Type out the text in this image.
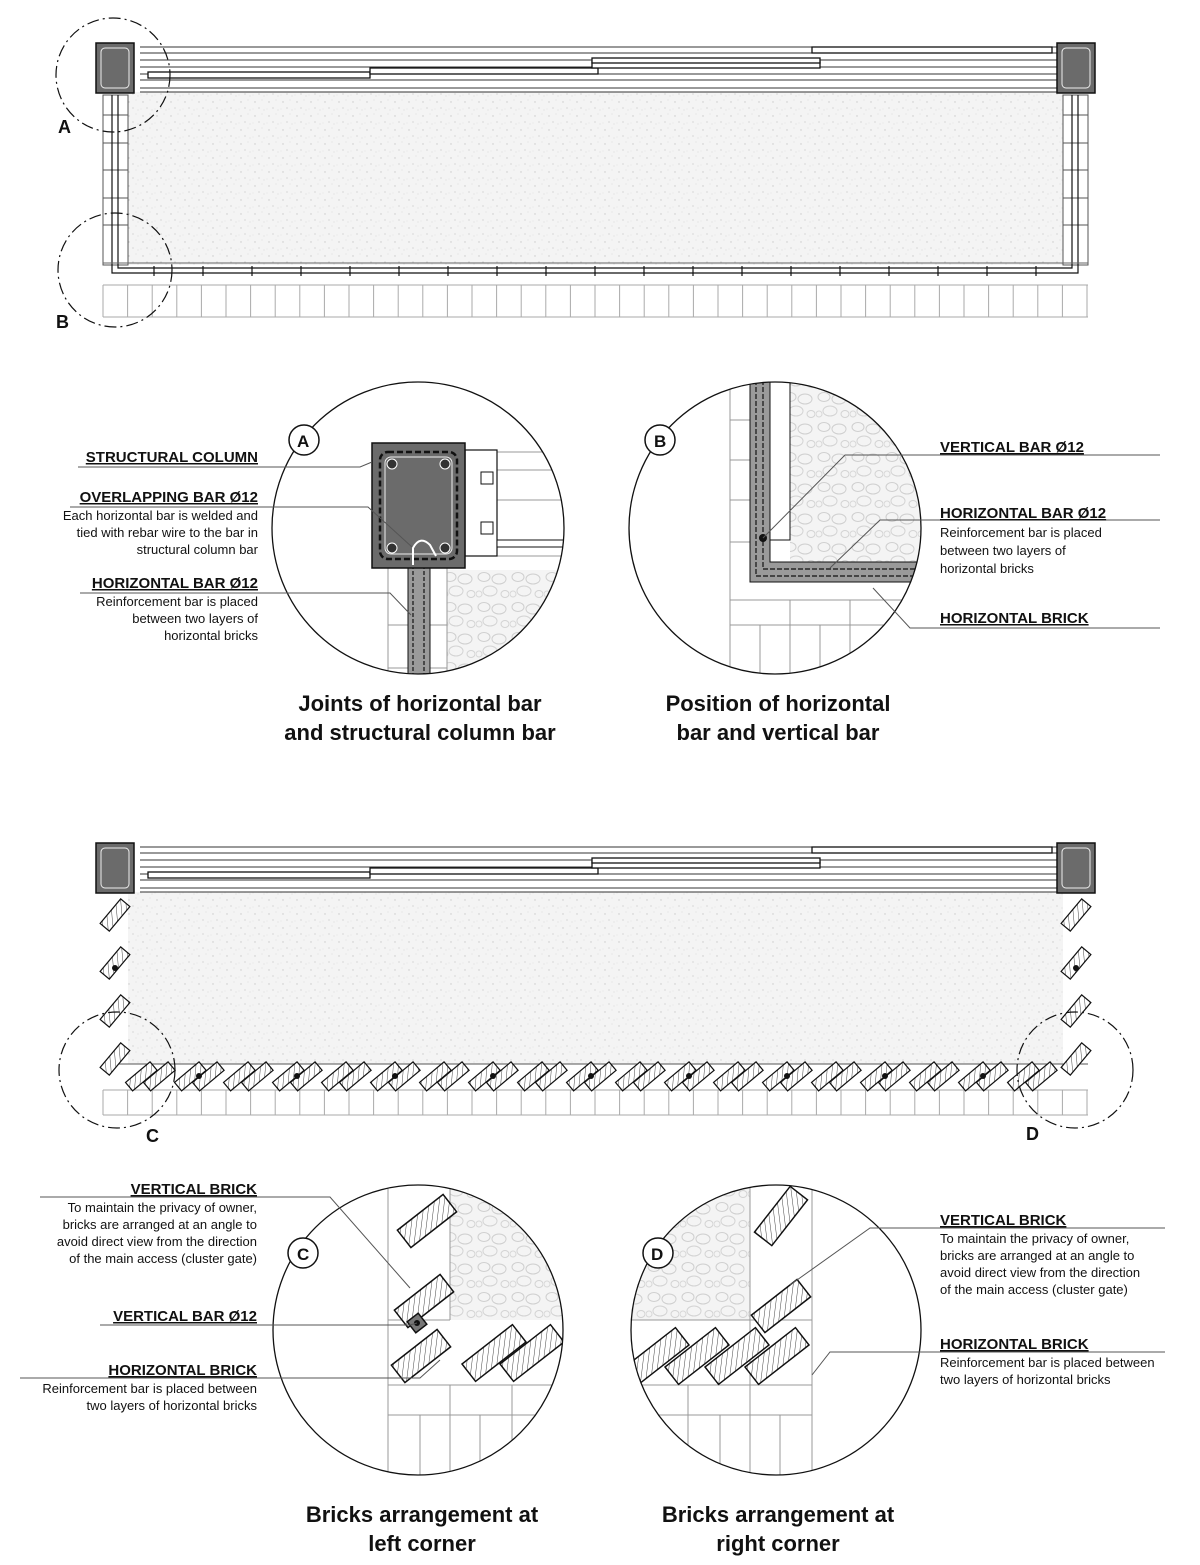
A
B
A
STRUCTURAL COLUMN
OVERLAPPING BAR Ø12
Each horizontal bar is welded and
tied with rebar wire to the bar in
structural column bar
HORIZONTAL BAR Ø12
Reinforcement bar is placed
between two layers of
horizontal bricks
Joints of horizontal bar
and structural column bar
B	VERTICAL BAR Ø12
HORIZONTAL BAR Ø12
Reinforcement bar is placed
between two layers of
horizontal bricks
HORIZONTAL BRICK
Position of horizontal
bar and vertical bar
C	D
C
VERTICAL BRICK
To maintain the privacy of owner,
bricks are arranged at an angle to
avoid direct view from the direction
of the main access (cluster gate)
VERTICAL BAR Ø12
HORIZONTAL BRICK
Reinforcement bar is placed between
two layers of horizontal bricks
Bricks arrangement at
left corner
D
VERTICAL BRICK
To maintain the privacy of owner,
bricks are arranged at an angle to
avoid direct view from the direction
of the main access (cluster gate)
HORIZONTAL BRICK
Reinforcement bar is placed between
two layers of horizontal bricks
Bricks arrangement at
right corner
